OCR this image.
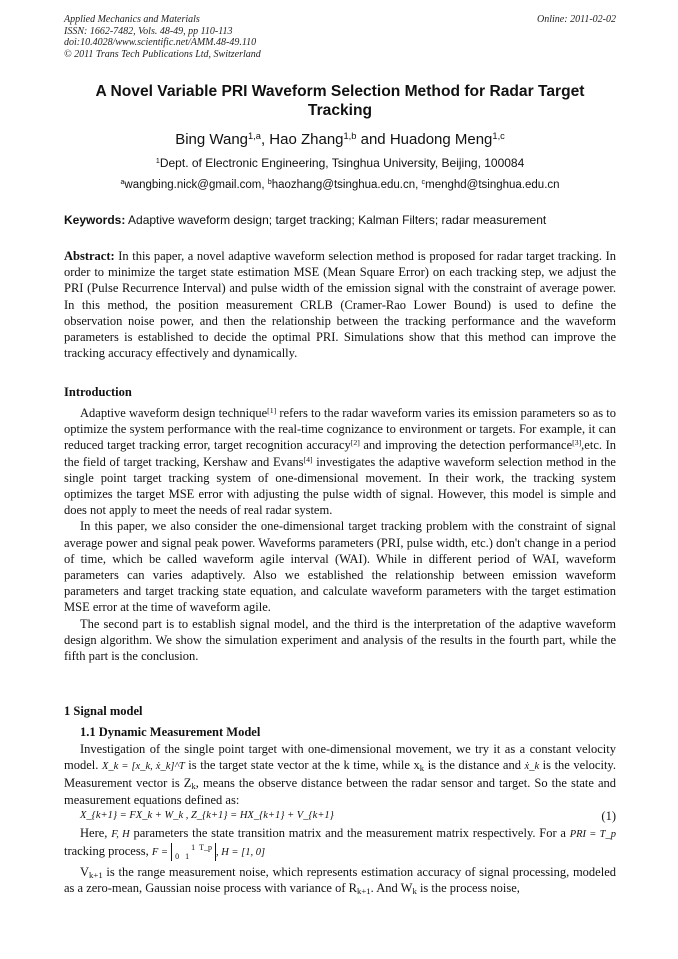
Applied Mechanics and Materials
ISSN: 1662-7482, Vols. 48-49, pp 110-113
doi:10.4028/www.scientific.net/AMM.48-49.110
© 2011 Trans Tech Publications Ltd, Switzerland
Online: 2011-02-02
A Novel Variable PRI Waveform Selection Method for Radar Target Tracking
Bing Wang$^{1,a}$, Hao Zhang$^{1,b}$ and Huadong Meng$^{1,c}$
$^1$Dept. of Electronic Engineering, Tsinghua University, Beijing, 100084
$^a$wangbing.nick@gmail.com, $^b$haozhang@tsinghua.edu.cn, $^c$menghd@tsinghua.edu.cn
Keywords: Adaptive waveform design; target tracking; Kalman Filters; radar measurement
Abstract: In this paper, a novel adaptive waveform selection method is proposed for radar target tracking. In order to minimize the target state estimation MSE (Mean Square Error) on each tracking step, we adjust the PRI (Pulse Recurrence Interval) and pulse width of the emission signal with the constraint of average power. In this method, the position measurement CRLB (Cramer-Rao Lower Bound) is used to define the observation noise power, and then the relationship between the tracking performance and the waveform parameters is established to decide the optimal PRI. Simulations show that this method can improve the tracking accuracy effectively and dynamically.
Introduction

Adaptive waveform design technique[1] refers to the radar waveform varies its emission parameters so as to optimize the system performance with the real-time cognizance to environment or targets. For example, it can reduced target tracking error, target recognition accuracy[2] and improving the detection performance[3],etc. In the field of target tracking, Kershaw and Evans[4] investigates the adaptive waveform selection method in the single point target tracking system of one-dimensional movement. In their work, the tracking system optimizes the target MSE error with adjusting the pulse width of signal. However, this model is simple and does not apply to meet the needs of real radar system.

In this paper, we also consider the one-dimensional target tracking problem with the constraint of signal average power and signal peak power. Waveforms parameters (PRI, pulse width, etc.) don't change in a period of time, which be called waveform agile interval (WAI). While in different period of WAI, waveform parameters can varies adaptively. Also we established the relationship between emission waveform parameters and target tracking state equation, and calculate waveform parameters with the target estimation MSE error at the time of waveform agile.

The second part is to establish signal model, and the third is the interpretation of the adaptive waveform design algorithm. We show the simulation experiment and analysis of the results in the fourth part, while the fifth part is the conclusion.

1 Signal model
1.1 Dynamic Measurement Model

Investigation of the single point target with one-dimensional movement, we try it as a constant velocity model. X_k = [x_k, ẋ_k]^T is the target state vector at the k time, while $x_k$ is the distance and ẋ_k is the velocity. Measurement vector is $Z_k$, means the observe distance between the radar sensor and target. So the state and measurement equations defined as:

X_{k+1} = FX_k + W_k , Z_{k+1} = HX_{k+1} + V_{k+1}	(1)

Here, F, H parameters the state transition matrix and the measurement matrix respectively. For a PRI = T_p tracking process, F =	1 T_p
0 1	, H = [1, 0]

$V_{k+1}$ is the range measurement noise, which represents estimation accuracy of signal processing, modeled as a zero-mean, Gaussian noise process with variance of $R_{k+1}$. And $W_k$ is the process noise,
